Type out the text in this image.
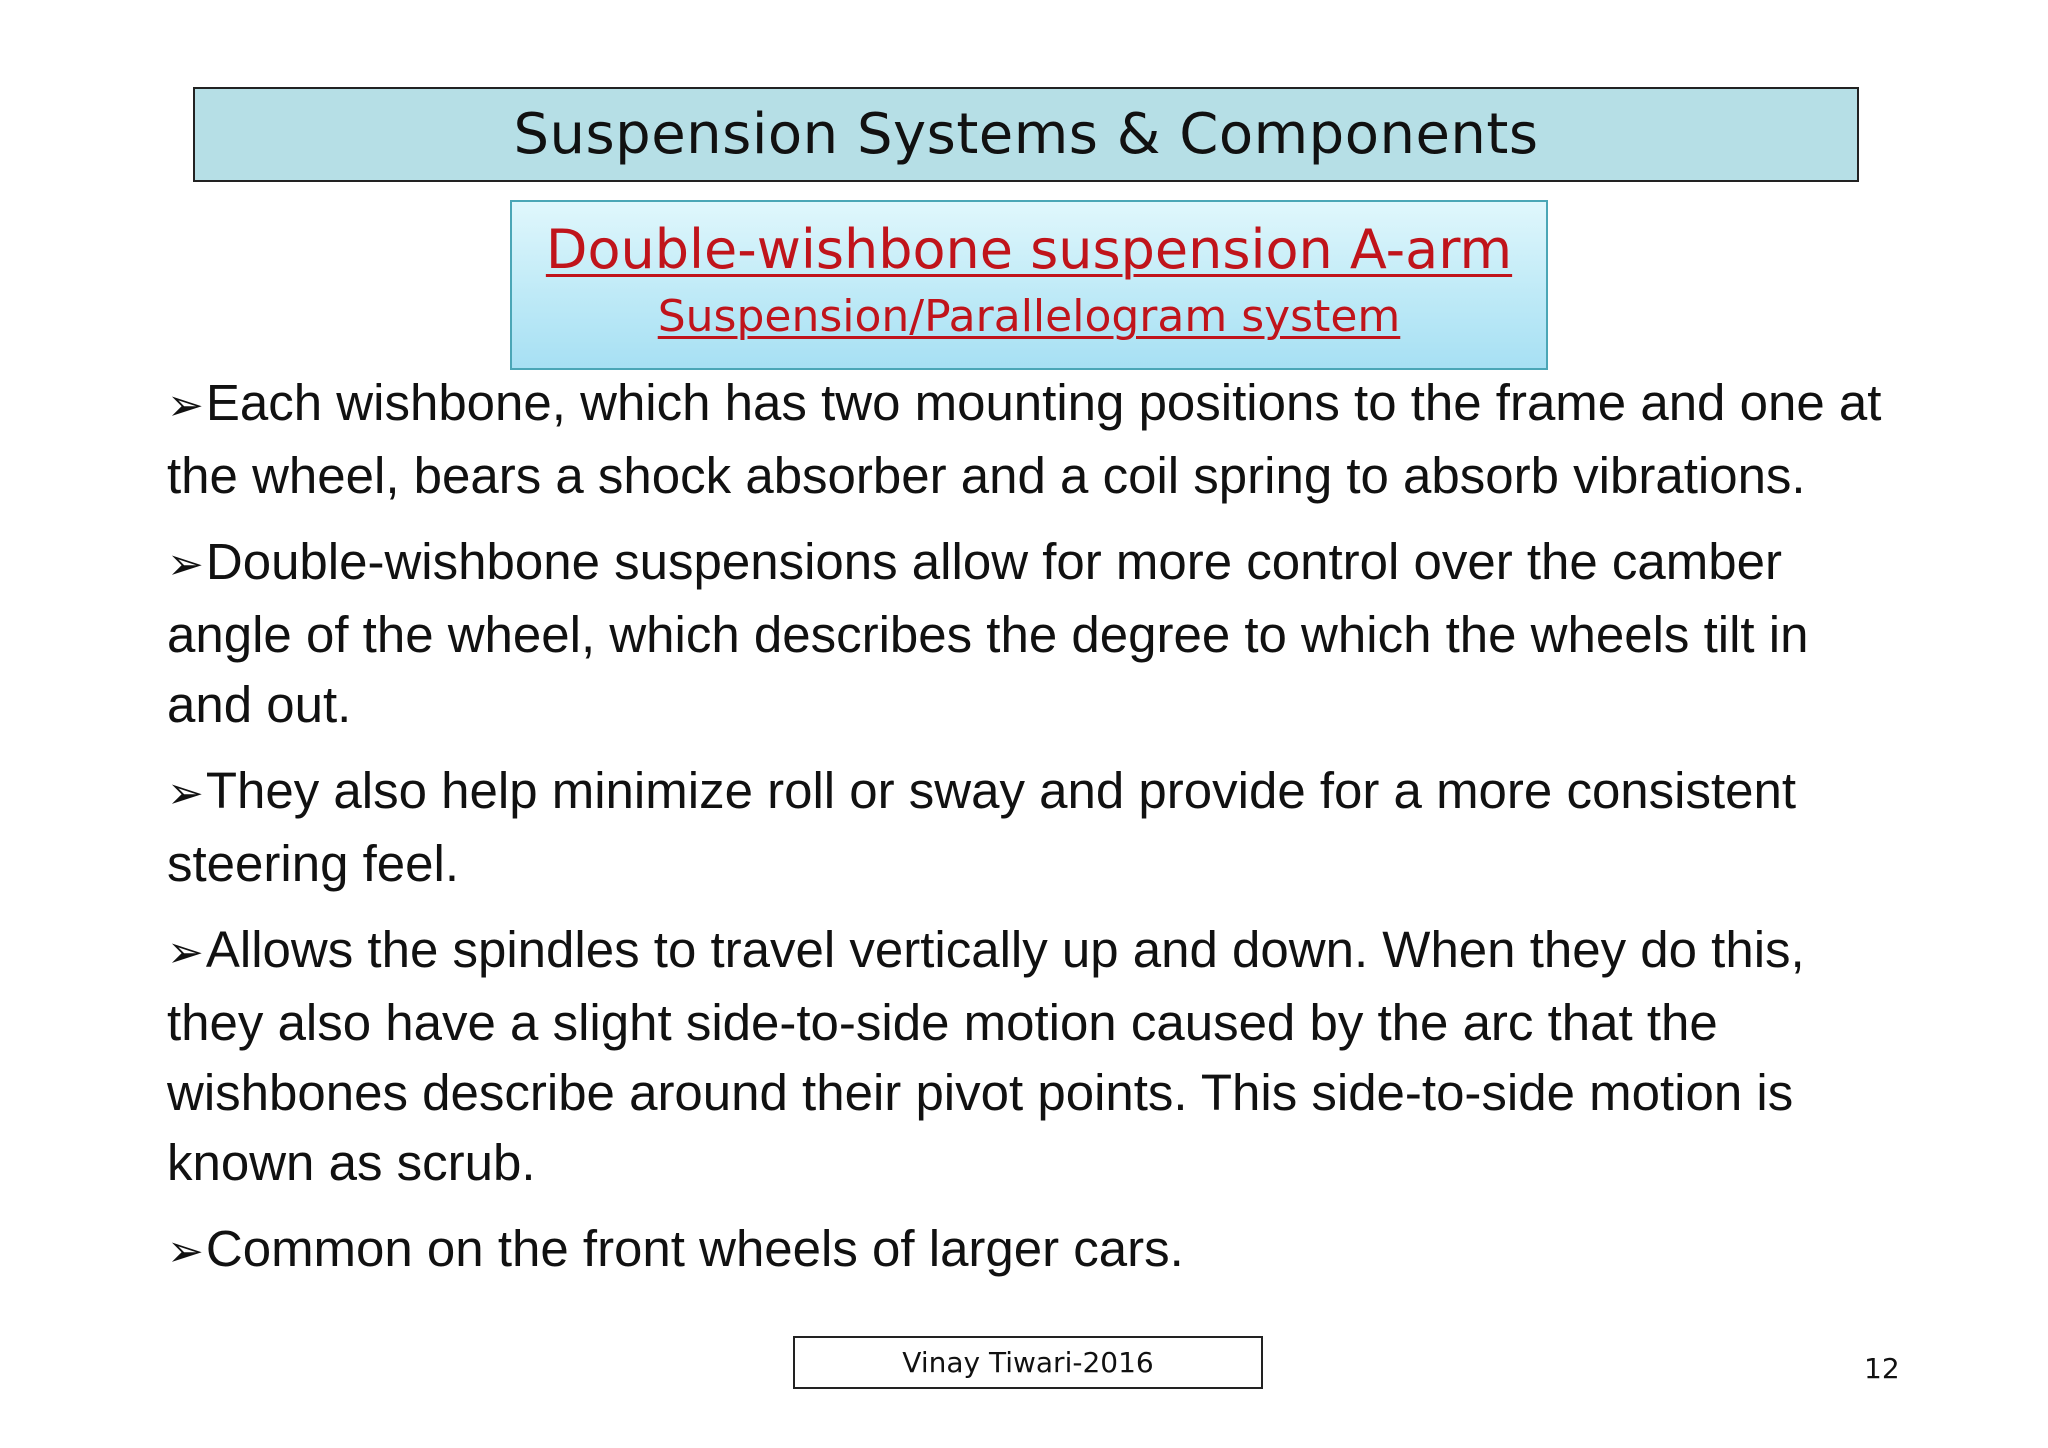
Suspension Systems & Components
Double-wishbone suspension A-arm
Suspension/Parallelogram system
➢Each wishbone, which has two mounting positions to the frame and one at the wheel, bears a shock absorber and a coil spring to absorb vibrations.
➢Double-wishbone suspensions allow for more control over the camber angle of the wheel, which describes the degree to which the wheels tilt in and out.
➢They also help minimize roll or sway and provide for a more consistent steering feel.
➢Allows the spindles to travel vertically up and down. When they do this, they also have a slight side-to-side motion caused by the arc that the wishbones describe around their pivot points. This side-to-side motion is known as scrub.
➢Common on the front wheels of larger cars.
Vinay Tiwari-2016	12
